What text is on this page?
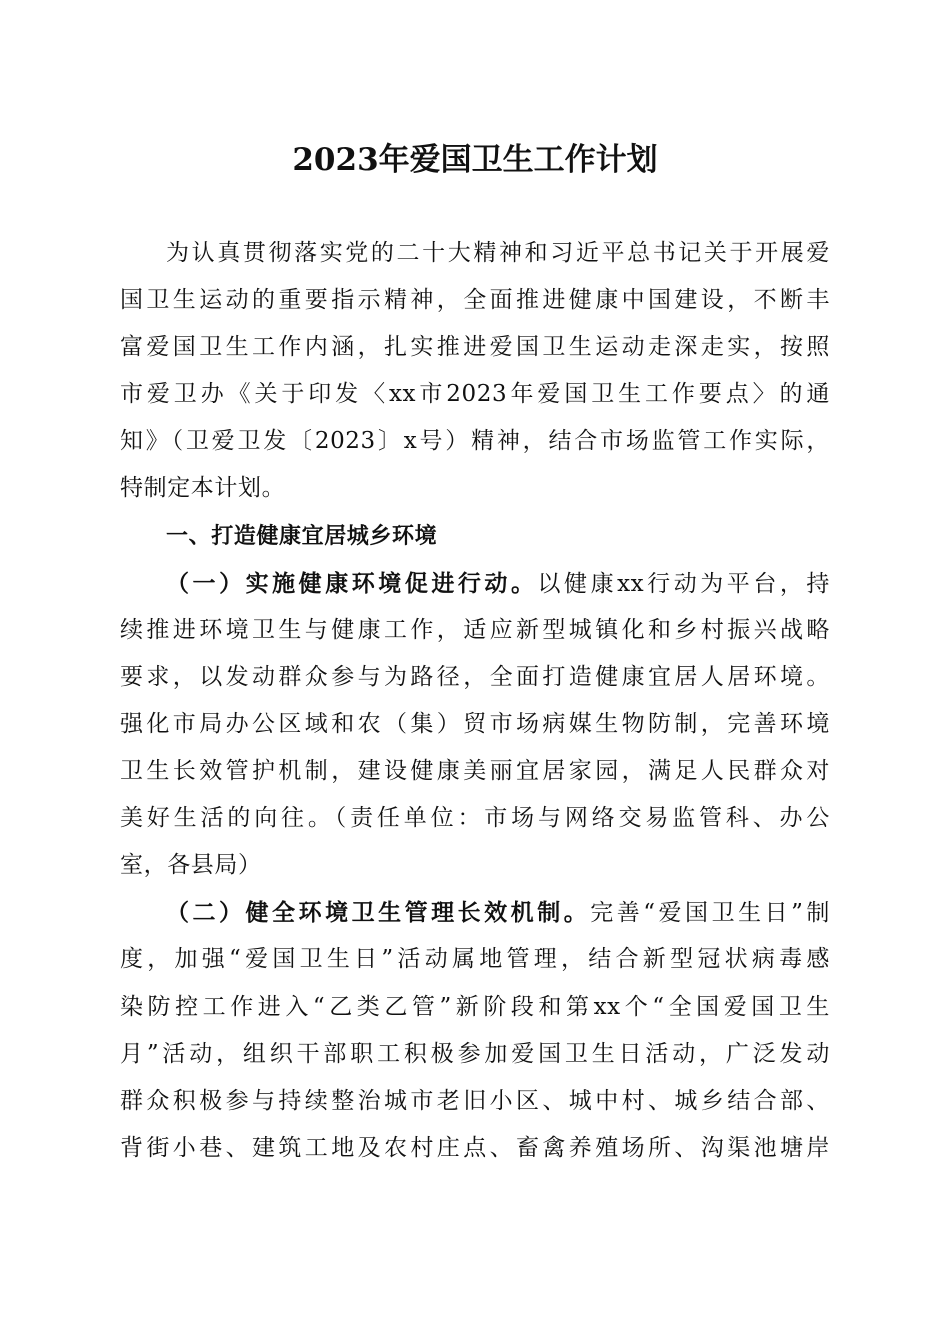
2023年爱国卫生工作计划
为认真贯彻落实党的二十大精神和习近平总书记关于开展爱
国卫生运动的重要指示精神，全面推进健康中国建设，不断丰
富爱国卫生工作内涵，扎实推进爱国卫生运动走深走实，按照
市爱卫办《关于印发〈xx市2023年爱国卫生工作要点〉的通
知》（卫爱卫发〔2023〕x号）精神，结合市场监管工作实际，
特制定本计划。
一、打造健康宜居城乡环境
（一）实施健康环境促进行动。以健康xx行动为平台，持
续推进环境卫生与健康工作，适应新型城镇化和乡村振兴战略
要求，以发动群众参与为路径，全面打造健康宜居人居环境。
强化市局办公区域和农（集）贸市场病媒生物防制，完善环境
卫生长效管护机制，建设健康美丽宜居家园，满足人民群众对
美好生活的向往。（责任单位：市场与网络交易监管科、办公
室，各县局）
（二）健全环境卫生管理长效机制。完善“爱国卫生日”制
度，加强“爱国卫生日”活动属地管理，结合新型冠状病毒感
染防控工作进入“乙类乙管”新阶段和第xx个“全国爱国卫生
月”活动，组织干部职工积极参加爱国卫生日活动，广泛发动
群众积极参与持续整治城市老旧小区、城中村、城乡结合部、
背街小巷、建筑工地及农村庄点、畜禽养殖场所、沟渠池塘岸
